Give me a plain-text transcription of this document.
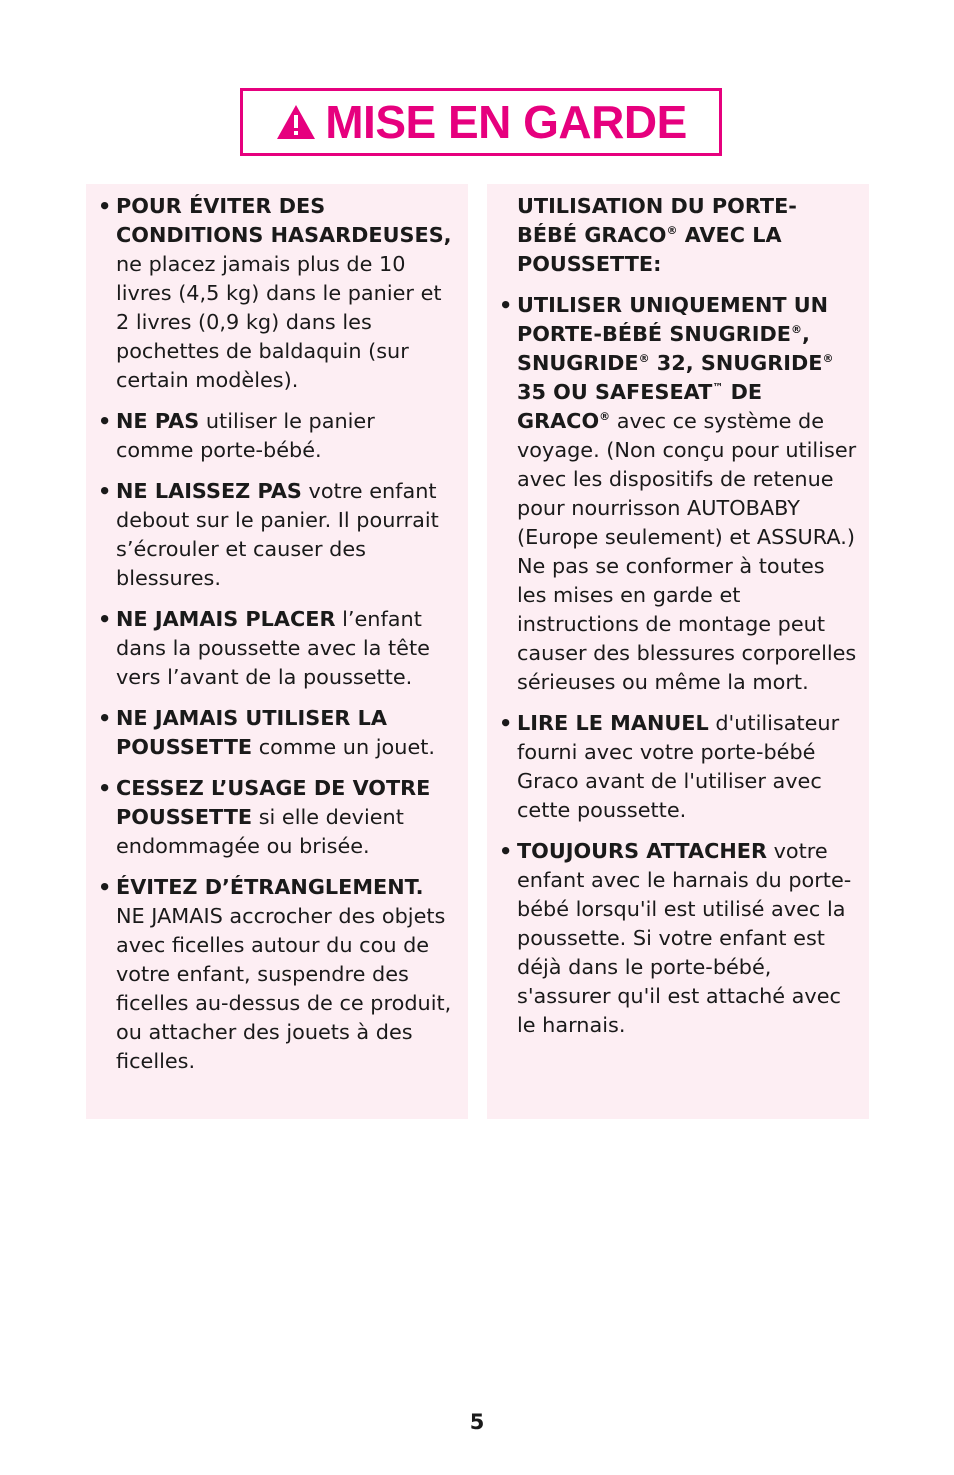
MISE EN GARDE
• POUR ÉVITER DES CONDITIONS HASARDEUSES, ne placez jamais plus de 10 livres (4,5 kg) dans le panier et 2 livres (0,9 kg) dans les pochettes de baldaquin (sur certain modèles).
• NE PAS utiliser le panier comme porte-bébé.
• NE LAISSEZ PAS votre enfant debout sur le panier. Il pourrait s’écrouler et causer des blessures.
• NE JAMAIS PLACER l’enfant dans la poussette avec la tête vers l’avant de la poussette.
• NE JAMAIS UTILISER LA POUSSETTE comme un jouet.
• CESSEZ L’USAGE DE VOTRE POUSSETTE si elle devient endommagée ou brisée.
• ÉVITEZ D’ÉTRANGLEMENT. NE JAMAIS accrocher des objets avec ficelles autour du cou de votre enfant, suspendre des ficelles au-dessus de ce produit, ou attacher des jouets à des ficelles.
UTILISATION DU PORTE-BÉBÉ GRACO® AVEC LA POUSSETTE:
• UTILISER UNIQUEMENT UN PORTE-BÉBÉ SNUGRIDE®, SNUGRIDE® 32, SNUGRIDE® 35 OU SAFESEAT™ DE GRACO® avec ce système de voyage. (Non conçu pour utiliser avec les dispositifs de retenue pour nourrisson AUTOBABY (Europe seulement) et ASSURA.) Ne pas se conformer à toutes les mises en garde et instructions de montage peut causer des blessures corporelles sérieuses ou même la mort.
• LIRE LE MANUEL d'utilisateur fourni avec votre porte-bébé Graco avant de l'utiliser avec cette poussette.
• TOUJOURS ATTACHER votre enfant avec le harnais du porte-bébé lorsqu'il est utilisé avec la poussette. Si votre enfant est déjà dans le porte-bébé, s'assurer qu'il est attaché avec le harnais.
5
